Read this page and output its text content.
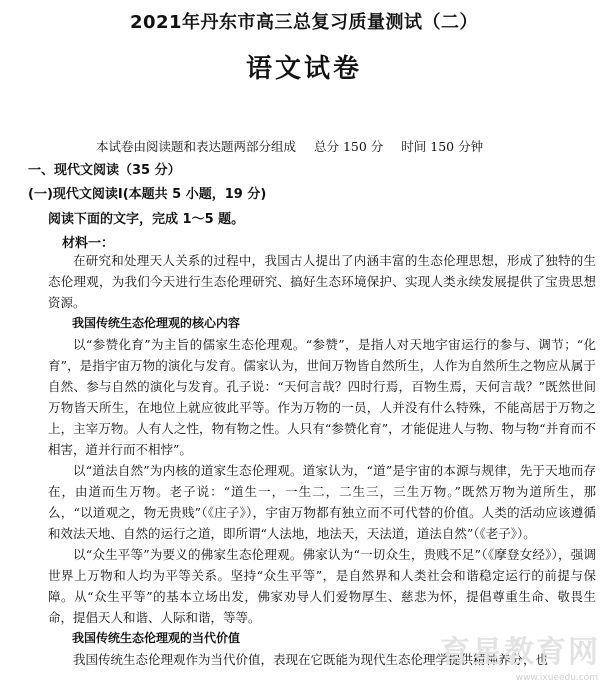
2021年丹东市高三总复习质量测试（二）
语文试卷
本试卷由阅读题和表达题两部分组成 总分 150 分 时间 150 分钟
一、现代文阅读（35 分）
(一)现代文阅读Ⅰ(本题共 5 小题，19 分)
阅读下面的文字，完成 1～5 题。
材料一：

在研究和处理天人关系的过程中，我国古人提出了内涵丰富的生态伦理思想，形成了独特的生态伦理观，为我们今天进行生态伦理研究、搞好生态环境保护、实现人类永续发展提供了宝贵思想资源。

我国传统生态伦理观的核心内容

以“参赞化育”为主旨的儒家生态伦理观。“参赞”，是指人对天地宇宙运行的参与、调节；“化育”，是指宇宙万物的演化与发育。儒家认为，世间万物皆自然所生，人作为自然所生之物应从属于自然、参与自然的演化与发育。孔子说：“天何言哉？四时行焉，百物生焉，天何言哉？”既然世间万物皆天所生，在地位上就应彼此平等。作为万物的一员，人并没有什么特殊，不能高居于万物之上，主宰万物。人有人之性，物有物之性。人只有“参赞化育”，才能促进人与物、物与物“并育而不相害，道并行而不相悖”。

以“道法自然”为内核的道家生态伦理观。道家认为，“道”是宇宙的本源与规律，先于天地而存在，由道而生万物。老子说：“道生一，一生二，二生三，三生万物。”既然万物为道所生，那么，“以道观之，物无贵贱”（《庄子》），宇宙万物都有独立而不可代替的价值。人类的活动应该遵循和效法天地、自然的运行之道，即所谓“人法地，地法天，天法道，道法自然”（《老子》）。

以“众生平等”为要义的佛家生态伦理观。佛家认为“一切众生，贵贱不足”（《摩登女经》），强调世界上万物和人均为平等关系。坚持“众生平等”，是自然界和人类社会和谐稳定运行的前提与保障。从“众生平等”的基本立场出发，佛家劝导人们爱物厚生、慈悲为怀，提倡尊重生命、敬畏生命，提倡天人和谐、人际和谐，等等。

我国传统生态伦理观的当代价值

我国传统生态伦理观作为当代价值，表现在它既能为现代生态伦理学提供精神养分，也

育星教育网
www.ixueedu.com
